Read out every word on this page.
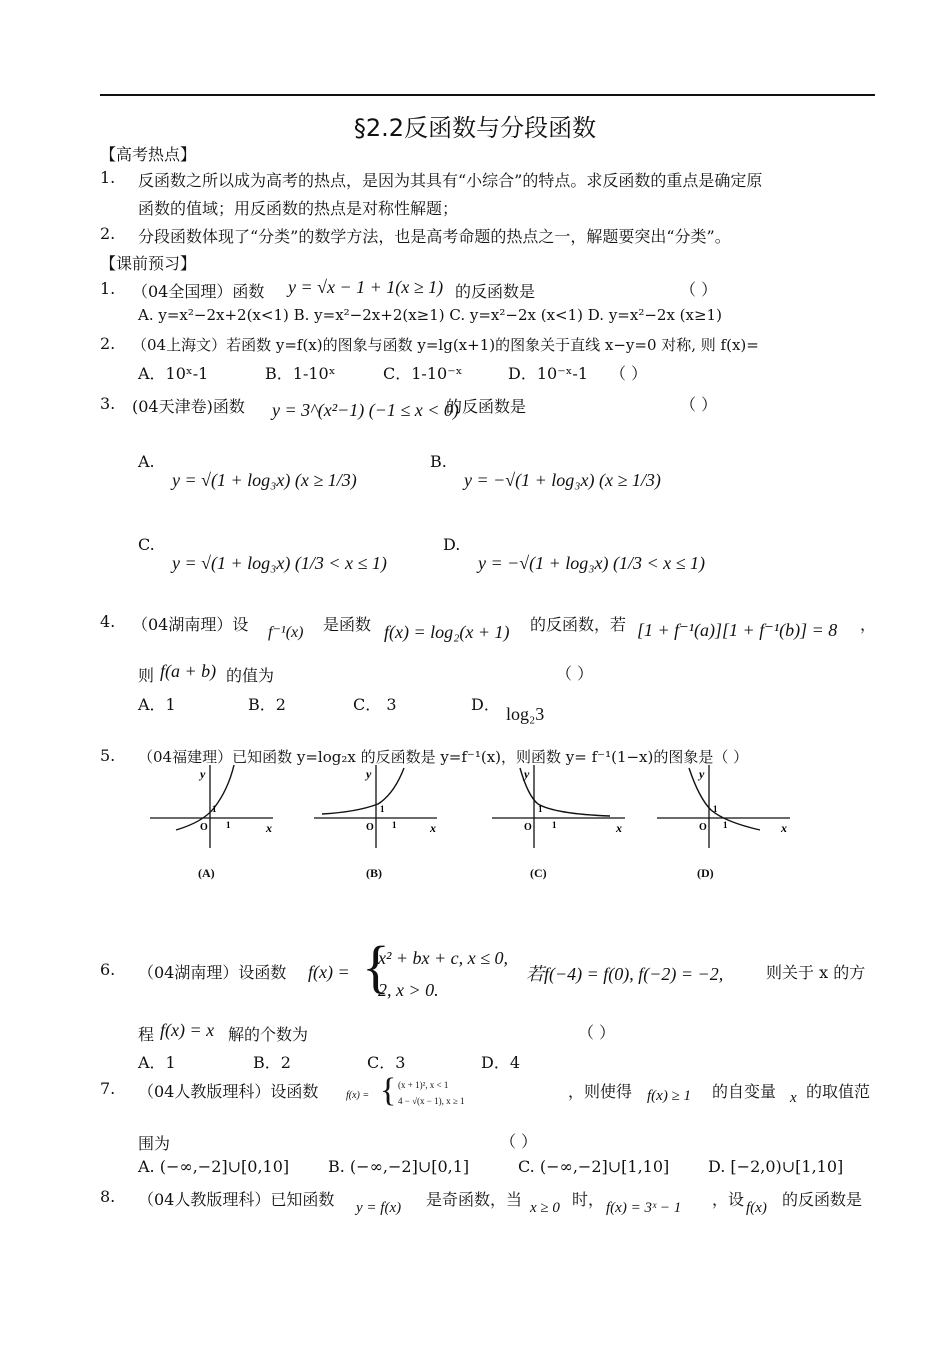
§2.2反函数与分段函数
【高考热点】
1. 反函数之所以成为高考的热点，是因为其具有“小综合”的特点。求反函数的重点是确定原
函数的值域；用反函数的热点是对称性解题；
2. 分段函数体现了“分类”的数学方法，也是高考命题的热点之一，解题要突出“分类”。
【课前预习】
1. （04全国理）函数 y = √x − 1 + 1(x ≥ 1) 的反函数是	（ ）
A. y=x²−2x+2(x<1) B. y=x²−2x+2(x≥1) C. y=x²−2x (x<1) D. y=x²−2x (x≥1)
2. （04上海文）若函数 y=f(x)的图象与函数 y=lg(x+1)的图象关于直线 x−y=0 对称, 则 f(x)=
A．10ˣ-1	B．1-10ˣ	C．1-10⁻ˣ	D．10⁻ˣ-1 （ ）
3. (04天津卷)函数 y = 3^(x²−1) (−1 ≤ x < 0)
的反函数是	（ ）
A.
y = √(1 + log₃x) (x ≥ 1/3)
B.
y = −√(1 + log₃x) (x ≥ 1/3)
C.
y = √(1 + log₃x) (1/3 < x ≤ 1)
D.
y = −√(1 + log₃x) (1/3 < x ≤ 1)
4. （04湖南理）设 f⁻¹(x) 是函数 f(x) = log₂(x + 1) 的反函数，若 [1 + f⁻¹(a)][1 + f⁻¹(b)] = 8 ，
则 f(a + b) 的值为	（ ）
A．1	B．2	C． 3	D． log₂3
5. （04福建理）已知函数 y=log₂x 的反函数是 y=f⁻¹(x)，则函数 y= f⁻¹(1−x)的图象是（ ）
y
x
O
1
1
y
x
O
1
1
y
x
O
1
1
y
x
O
1
1
(A)	(B)	(C)	(D)
6. （04湖南理）设函数 f(x) = {
x² + bx + c, x ≤ 0,
2, x > 0.
若f(−4) = f(0), f(−2) = −2,	则关于 x 的方
程 f(x) = x 解的个数为	（ ）
A．1	B．2	C．3	D．4
7. （04人教版理科）设函数	f(x) = { (x + 1)², x < 1
4 − √(x − 1), x ≥ 1	，则使得 f(x) ≥ 1 的自变量 x 的取值范
围为	（ ）
A. (−∞,−2]∪[0,10] B. (−∞,−2]∪[0,1]	C. (−∞,−2]∪[1,10] D. [−2,0)∪[1,10]
8. （04人教版理科）已知函数 y = f(x) 是奇函数，当 x ≥ 0 时， f(x) = 3ˣ − 1 ，设 f(x) 的反函数是
